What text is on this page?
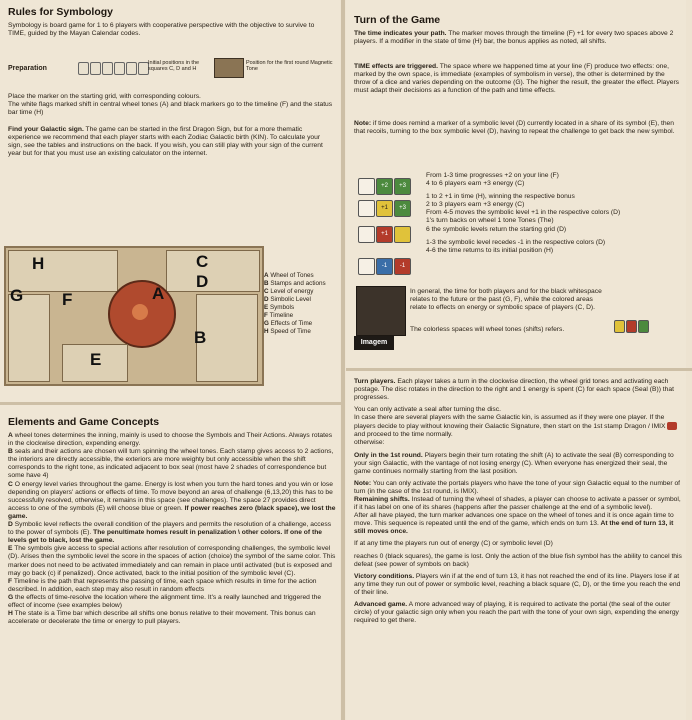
Rules for Symbology
Symbology is board game for 1 to 6 players with cooperative perspective with the objective to survive to TIME, guided by the Mayan Calendar codes.
Preparation
Initial positions in the squares C, D and H
Position for the first round Magnetic Tone
Place the marker on the starting grid, with corresponding colours.
The white flags marked shift in central wheel tones (A) and black markers go to the timeline (F) and the status bar time (H)
Find your Galactic sign. The game can be started in the first Dragon Sign, but for a more thematic experience we recommend that each player starts with each Zodiac Galactic birth (KIN). To calculate your sign, see the tables and instructions on the back. If you wish, you can still play with your sign of the current year but for that you must use an existing calculator on the internet.
H	C
D
G F	A
B
E
A Wheel of Tones
B Stamps and actions
C Level of energy
D Simbolic Level
E Symbols
F Timeline
G Effects of Time
H Speed of Time
Elements and Game Concepts

A wheel tones determines the inning, mainly is used to choose the Symbols and Their Actions. Always rotates in the clockwise direction, expending energy.

B seals and their actions are chosen will turn spinning the wheel tones. Each stamp gives access to 2 actions, the interiors are directly accessible, the exteriors are more weighty but only accessible when the shift corresponds to the right tone, as indicated adjacent to box seal (most have 2 shades of correspondence but some have 4)

C O energy level varies throughout the game. Energy is lost when you turn the hard tones and you win or lose depending on players' actions or effects of time. To move beyond an area of challenge (6,13,20) this has to be successfully resolved, otherwise, it remains in this space (see challenges). The space 27 provides direct access to one of the symbols (E) will choose blue or green. If power reaches zero (black space), we lost the game.

D Symbolic level reflects the overall condition of the players and permits the resolution of a challenge, access to the power of symbols (E). The penultimate homes result in penalization \ other colors. If one of the levels get to black, lost the game.

E The symbols give access to special actions after resolution of corresponding challenges, the symbolic level (D). Arises then the symbolic level the score in the spaces of action (choice) the symbol of the same color. This marker does not need to be activated immediately and can remain in place until activated (but is exposed and may go back (c) if penalized). Once activated, back to the initial position of the symbolic level (C).

F Timeline is the path that represents the passing of time, each space which results in time for the action described. In addition, each step may also result in random effects

G the effects of time-resolve the location where the alignment time. It's a really launched and triggered the effect of income (see examples below)

H The state is a Time bar which describe all shifts one bonus relative to their movement. This bonus can accelerate or decelerate the time or energy to pull players.

Turn of the Game
The time indicates your path. The marker moves through the timeline (F) +1 for every two spaces above 2 players. If a modifier in the state of time (H) bar, the bonus applies as noted, all shifts.
TIME effects are triggered. The space where we happened time at your line (F) produce two effects: one, marked by the own space, is immediate (examples of symbolism in verse), the other is determined by the throw of a dice and varies depending on the outcome (G). The higher the result, the greater the effect. Players must adapt their decisions as a function of the path and time effects.
Note: if time does remind a marker of a symbolic level (D) currently located in a share of its symbol (E), then that recoils, turning to the box symbolic level (D), having to repeat the challenge to get back the new symbol.
+2	+3
+1	+3
+1
-1	-1

From 1-3 time progresses +2 on your line (F)

4 to 6 players earn +3 energy (C)

1 to 2 +1 in time (H), winning the respective bonus

2 to 3 players earn +3 energy (C)

From 4-5 moves the symbolic level +1 in the respective colors (D)

1's turn backs on wheel 1 tone Tones (The)

6 the symbolic levels return the starting grid (D)

1-3 the symbolic level recedes -1 in the respective colors (D)

4-6 the time returns to its initial position (H)

Imagem
In general, the time for both players and for the black whitespace relates to the future or the past (G, F), while the colored areas relate to effects on energy or symbolic space of players (C, D).
The colorless spaces will wheel tones (shifts) refers.

Turn players. Each player takes a turn in the clockwise direction, the wheel grid tones and activating each postage. The disc rotates in the direction to the right and 1 energy is spent (C) for each space (Seal (B)) that progresses.

You can only activate a seal after turning the disc.

In case there are several players with the same Galactic kin, is assumed as if they were one player. If the players decide to play without knowing their Galactic Signature, then start on the 1st stamp Dragon / IMIX  and proceed to the time normally.

otherwise:

Only in the 1st round. Players begin their turn rotating the shift (A) to activate the seal (B) corresponding to your sign Galactic, with the vantage of not losing energy (C). When everyone has energized their seal, the game continues normally starting from the last position.

Note: You can only activate the portals players who have the tone of your sign Galactic equal to the number of turn (in the case of the 1st round, is IMIX).

Remaining shifts. Instead of turning the wheel of shades, a player can choose to activate a passer or symbol, if it has label on one of its shares (happens after the passer challenge at the end of a symbolic level).

After all have played, the turn marker advances one space on the wheel of tones and it is once again time to move. This sequence is repeated until the end of the game, which ends on turn 13. At the end of turn 13, it still moves once.

If at any time the players run out of energy (C) or symbolic level (D)

reaches 0 (black squares), the game is lost. Only the action of the blue fish symbol has the ability to cancel this defeat (see power of symbols on back)

Victory conditions. Players win if at the end of turn 13, it has not reached the end of its line. Players lose if at any time they run out of power or symbolic level, reaching a black square (C, D), or the time you reach the end of their line.

Advanced game. A more advanced way of playing, it is required to activate the portal (the seal of the outer circle) of your galactic sign only when you reach the part with the tone of your own sign, expending the energy required to get there.
